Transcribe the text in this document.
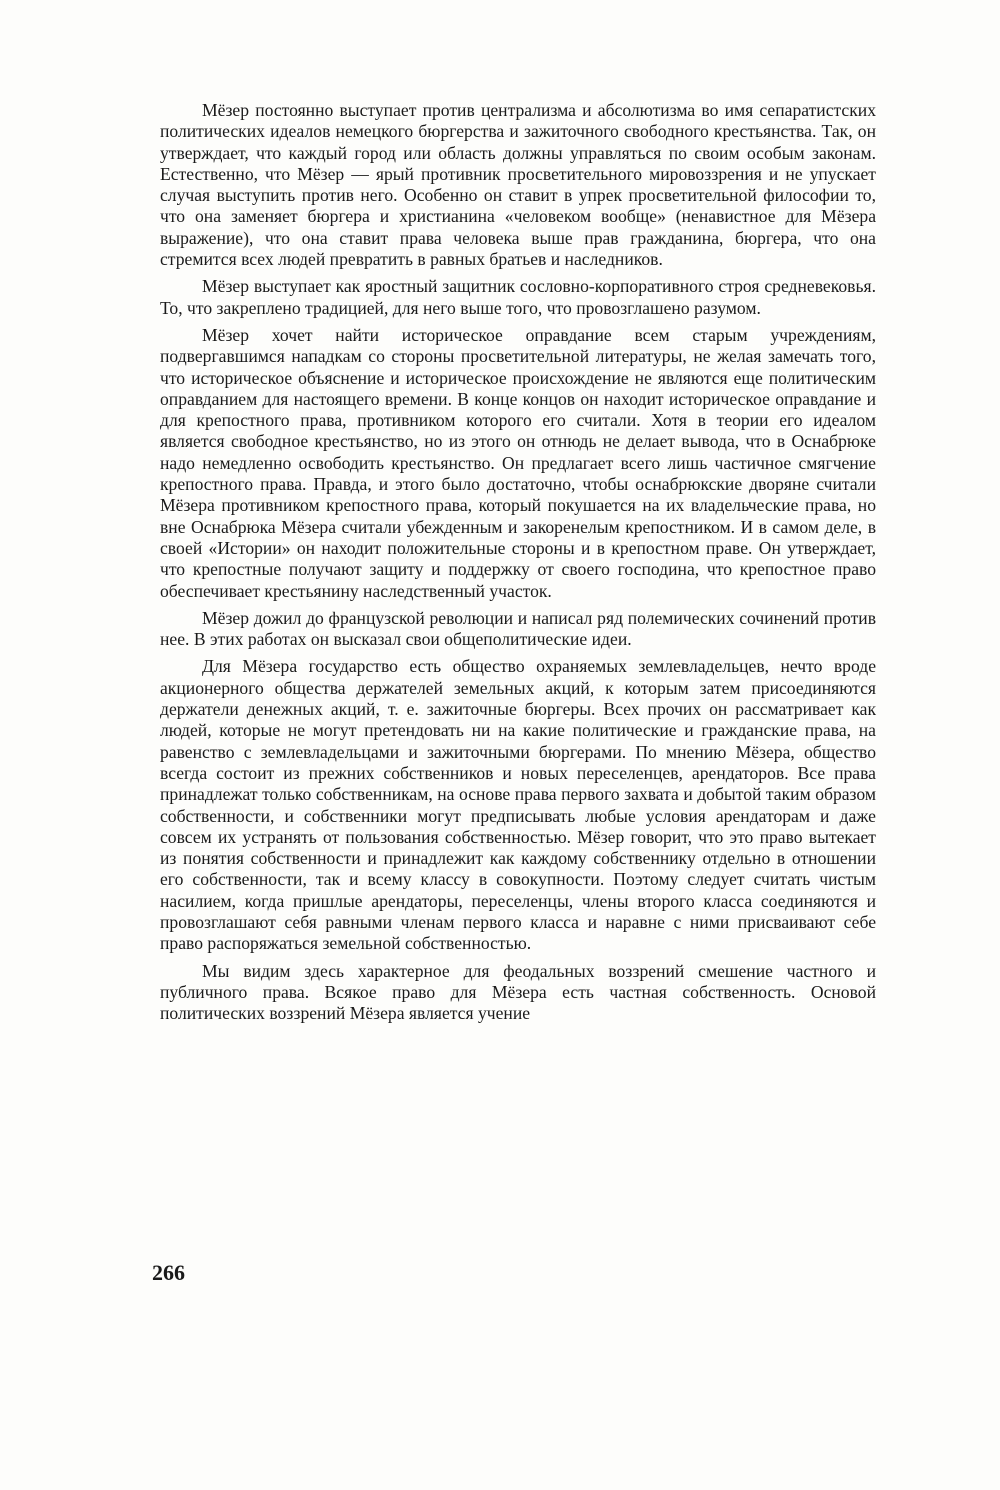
Мёзер постоянно выступает против централизма и абсолютизма во имя сепаратистских политических идеалов немецкого бюргерства и зажиточного свободного крестьянства. Так, он утверждает, что каждый город или область должны управляться по своим особым законам. Естественно, что Мёзер — ярый противник просветительного мировоззрения и не упускает случая выступить против него. Особенно он ставит в упрек просветительной философии то, что она заменяет бюргера и христианина «человеком вообще» (ненавистное для Мёзера выражение), что она ставит права человека выше прав гражданина, бюргера, что она стремится всех людей превратить в равных братьев и наследников.

Мёзер выступает как яростный защитник сословно-корпоративного строя средневековья. То, что закреплено традицией, для него выше того, что провозглашено разумом.

Мёзер хочет найти историческое оправдание всем старым учреждениям, подвергавшимся нападкам со стороны просветительной литературы, не желая замечать того, что историческое объяснение и историческое происхождение не являются еще политическим оправданием для настоящего времени. В конце концов он находит историческое оправдание и для крепостного права, противником которого его считали. Хотя в теории его идеалом является свободное крестьянство, но из этого он отнюдь не делает вывода, что в Оснабрюке надо немедленно освободить крестьянство. Он предлагает всего лишь частичное смягчение крепостного права. Правда, и этого было достаточно, чтобы оснабрюкские дворяне считали Мёзера противником крепостного права, который покушается на их владельческие права, но вне Оснабрюка Мёзера считали убежденным и закоренелым крепостником. И в самом деле, в своей «Истории» он находит положительные стороны и в крепостном праве. Он утверждает, что крепостные получают защиту и поддержку от своего господина, что крепостное право обеспечивает крестьянину наследственный участок.

Мёзер дожил до французской революции и написал ряд полемических сочинений против нее. В этих работах он высказал свои общеполитические идеи.

Для Мёзера государство есть общество охраняемых землевладельцев, нечто вроде акционерного общества держателей земельных акций, к которым затем присоединяются держатели денежных акций, т. е. зажиточные бюргеры. Всех прочих он рассматривает как людей, которые не могут претендовать ни на какие политические и гражданские права, на равенство с землевладельцами и зажиточными бюргерами. По мнению Мёзера, общество всегда состоит из прежних собственников и новых переселенцев, арендаторов. Все права принадлежат только собственникам, на основе права первого захвата и добытой таким образом собственности, и собственники могут предписывать любые условия арендаторам и даже совсем их устранять от пользования собственностью. Мёзер говорит, что это право вытекает из понятия собственности и принадлежит как каждому собственнику отдельно в отношении его собственности, так и всему классу в совокупности. Поэтому следует считать чистым насилием, когда пришлые арендаторы, переселенцы, члены второго класса соединяются и провозглашают себя равными членам первого класса и наравне с ними присваивают себе право распоряжаться земельной собственностью.

Мы видим здесь характерное для феодальных воззрений смешение частного и публичного права. Всякое право для Мёзера есть частная собственность. Основой политических воззрений Мёзера является учение

266
